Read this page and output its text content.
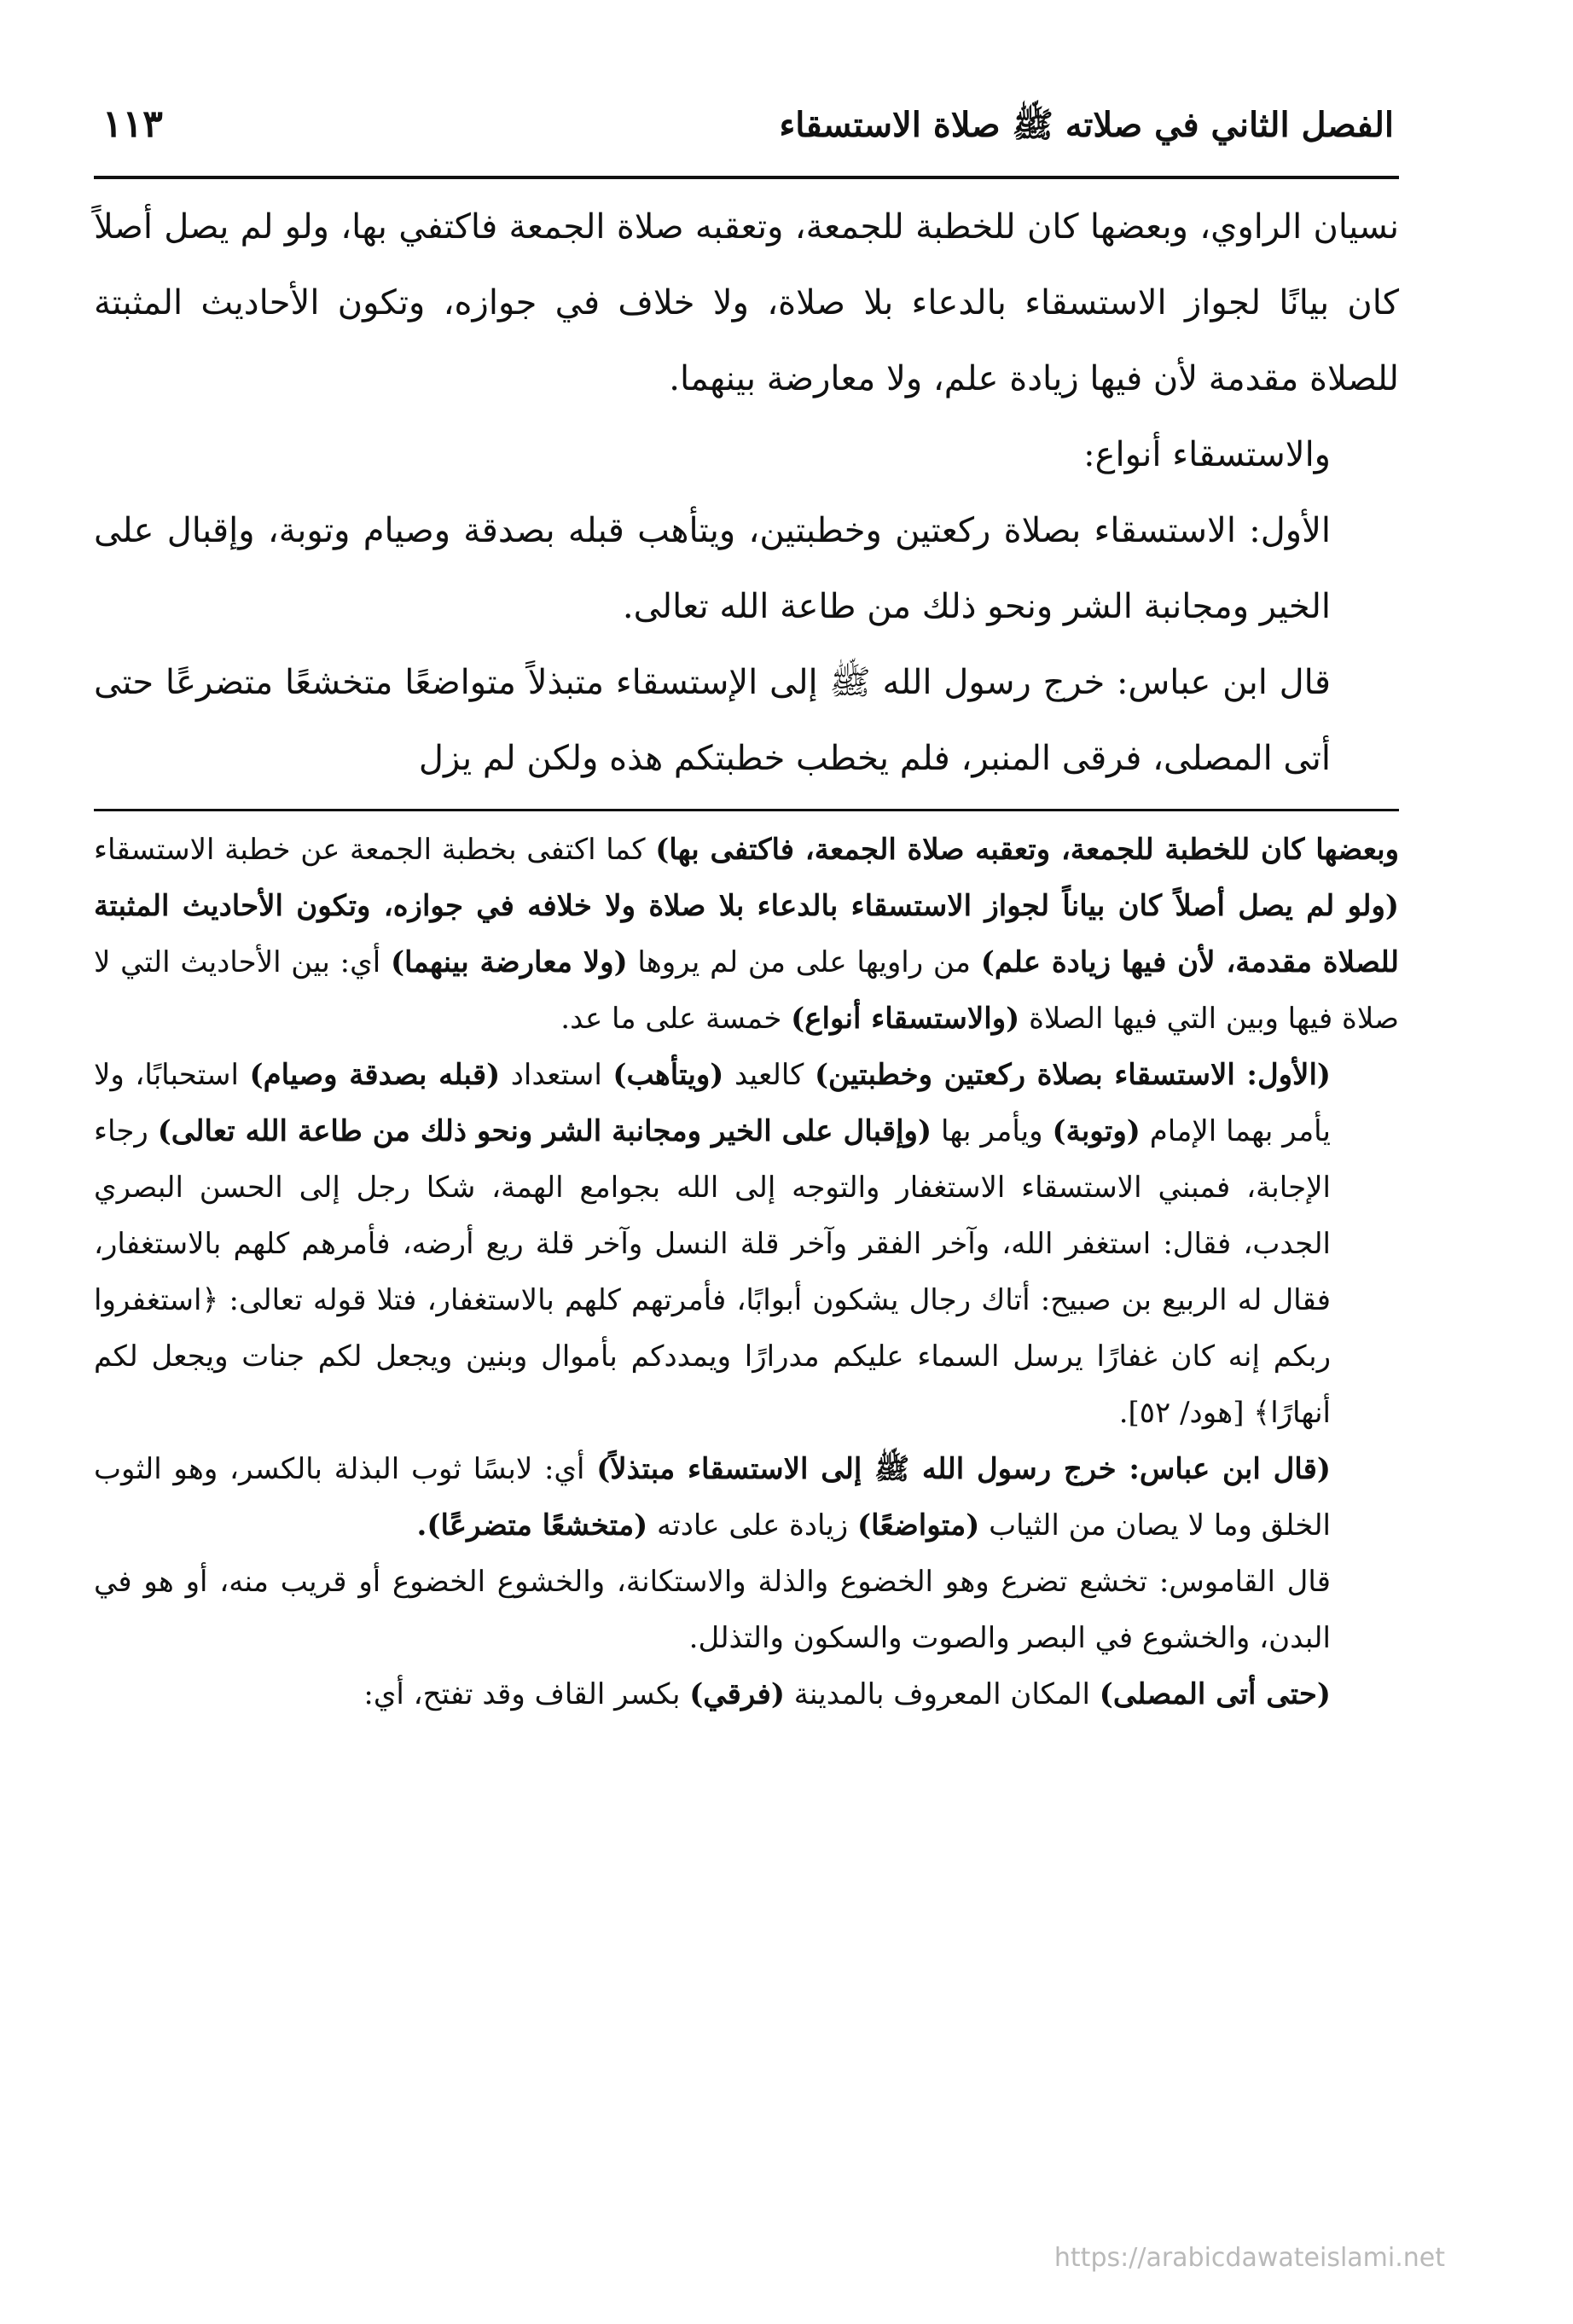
الفصل الثاني في صلاته ﷺ صلاة الاستسقاء
١١٣

نسيان الراوي، وبعضها كان للخطبة للجمعة، وتعقبه صلاة الجمعة فاكتفي بها، ولو لم يصل أصلاً كان بيانًا لجواز الاستسقاء بالدعاء بلا صلاة، ولا خلاف في جوازه، وتكون الأحاديث المثبتة للصلاة مقدمة لأن فيها زيادة علم، ولا معارضة بينهما.

والاستسقاء أنواع:

الأول: الاستسقاء بصلاة ركعتين وخطبتين، ويتأهب قبله بصدقة وصيام وتوبة، وإقبال على الخير ومجانبة الشر ونحو ذلك من طاعة الله تعالى.

قال ابن عباس: خرج رسول الله ﷺ إلى الإستسقاء متبذلاً متواضعًا متخشعًا متضرعًا حتى أتى المصلى، فرقى المنبر، فلم يخطب خطبتكم هذه ولكن لم يزل

وبعضها كان للخطبة للجمعة، وتعقبه صلاة الجمعة، فاكتفى بها) كما اكتفى بخطبة الجمعة عن خطبة الاستسقاء (ولو لم يصل أصلاً كان بياناً لجواز الاستسقاء بالدعاء بلا صلاة ولا خلافه في جوازه، وتكون الأحاديث المثبتة للصلاة مقدمة، لأن فيها زيادة علم) من راويها على من لم يروها (ولا معارضة بينهما) أي: بين الأحاديث التي لا صلاة فيها وبين التي فيها الصلاة (والاستسقاء أنواع) خمسة على ما عد.

(الأول: الاستسقاء بصلاة ركعتين وخطبتين) كالعيد (ويتأهب) استعداد (قبله بصدقة وصيام) استحبابًا، ولا يأمر بهما الإمام (وتوبة) ويأمر بها (وإقبال على الخير ومجانبة الشر ونحو ذلك من طاعة الله تعالى) رجاء الإجابة، فمبني الاستسقاء الاستغفار والتوجه إلى الله بجوامع الهمة، شكا رجل إلى الحسن البصري الجدب، فقال: استغفر الله، وآخر الفقر وآخر قلة النسل وآخر قلة ريع أرضه، فأمرهم كلهم بالاستغفار، فقال له الربيع بن صبيح: أتاك رجال يشكون أبوابًا، فأمرتهم كلهم بالاستغفار، فتلا قوله تعالى: ﴿استغفروا ربكم إنه كان غفارًا يرسل السماء عليكم مدرارًا ويمددكم بأموال وبنين ويجعل لكم جنات ويجعل لكم أنهارًا﴾ [هود/ ٥٢].

(قال ابن عباس: خرج رسول الله ﷺ إلى الاستسقاء مبتذلاً) أي: لابسًا ثوب البذلة بالكسر، وهو الثوب الخلق وما لا يصان من الثياب (متواضعًا) زيادة على عادته (متخشعًا متضرعًا).

قال القاموس: تخشع تضرع وهو الخضوع والذلة والاستكانة، والخشوع الخضوع أو قريب منه، أو هو في البدن، والخشوع في البصر والصوت والسكون والتذلل.

(حتى أتى المصلى) المكان المعروف بالمدينة (فرقي) بكسر القاف وقد تفتح، أي:

https://arabicdawateislami.net
